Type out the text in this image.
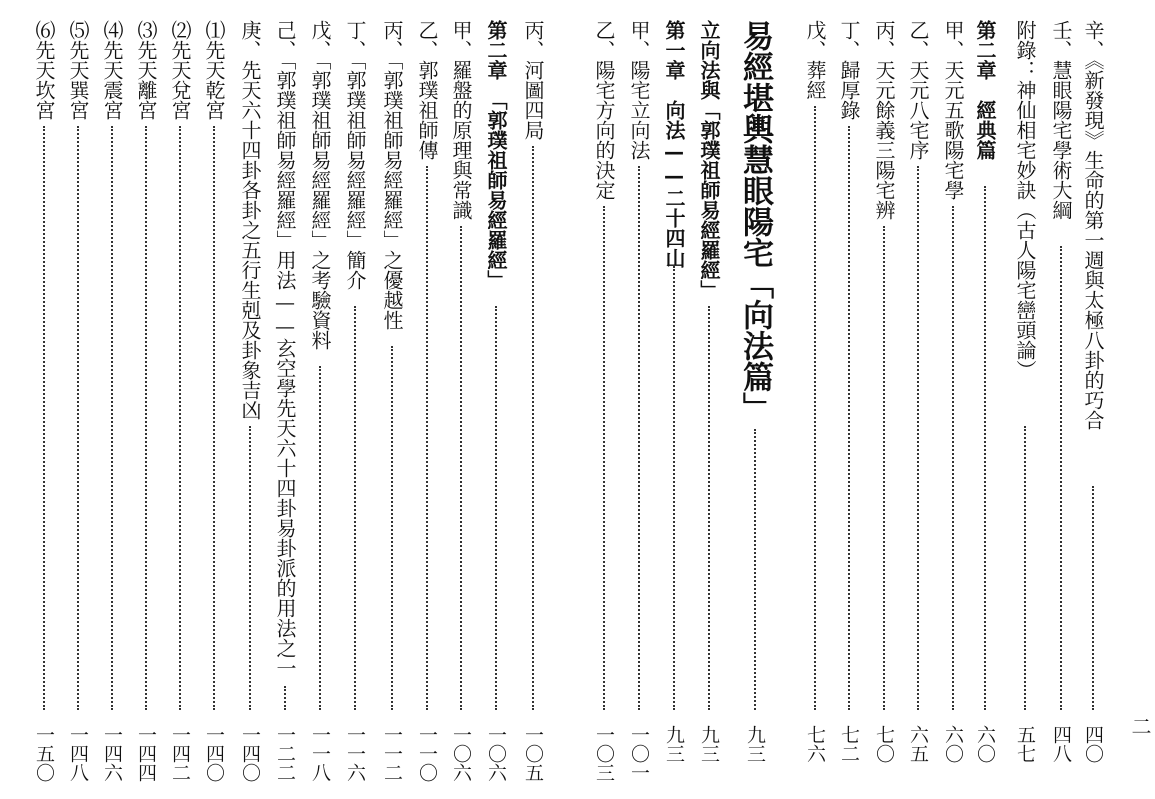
辛、《新發現》生命的第一週與太極八卦的巧合
四〇
壬、慧眼陽宅學術大綱
四八
附錄：神仙相宅妙訣（古人陽宅巒頭論）
五七
第二章　經典篇
六〇
甲、天元五歌陽宅學
六〇
乙、天元八宅序
六五
丙、天元餘義三陽宅辨
七〇
丁、歸厚錄
七二
戊、葬經
七六
易經堪輿慧眼陽宅「向法篇」
九三
立向法與「郭璞祖師易經羅經」
九三
第一章　向法——二十四山
九三
甲、陽宅立向法
一〇一
乙、陽宅方向的決定
一〇三
丙、河圖四局
一〇五
第二章　「郭璞祖師易經羅經」
一〇六
甲、羅盤的原理與常識
一〇六
乙、郭璞祖師傳
一一〇
丙、「郭璞祖師易經羅經」之優越性
一一二
丁、「郭璞祖師易經羅經」簡介
一一六
戊、「郭璞祖師易經羅經」之考驗資料
一一八
己、「郭璞祖師易經羅經」用法——玄空學先天六十四卦易卦派的用法之一
一二二
庚、先天六十四卦各卦之五行生剋及卦象吉凶
一四〇
⑴先天乾宮
一四〇
⑵先天兌宮
一四二
⑶先天離宮
一四四
⑷先天震宮
一四六
⑸先天巽宮
一四八
⑹先天坎宮
一五〇	二
